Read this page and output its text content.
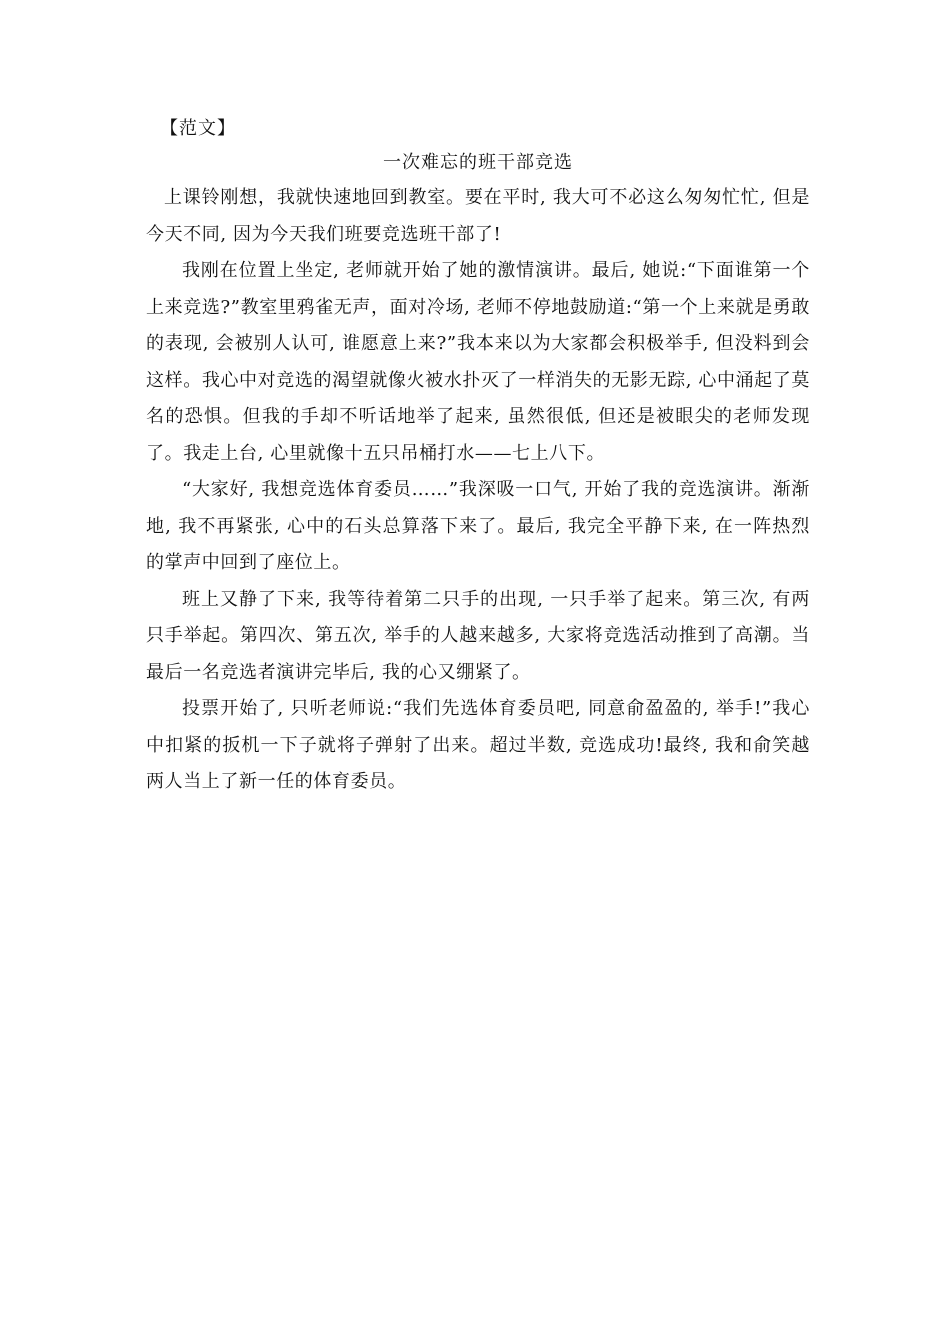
【范文】
一次难忘的班干部竞选

上课铃刚想，我就快速地回到教室。要在平时, 我大可不必这么匆匆忙忙, 但是今天不同, 因为今天我们班要竞选班干部了!

我刚在位置上坐定, 老师就开始了她的激情演讲。最后, 她说:“下面谁第一个上来竞选?”教室里鸦雀无声，面对冷场, 老师不停地鼓励道:“第一个上来就是勇敢的表现, 会被别人认可, 谁愿意上来?”我本来以为大家都会积极举手, 但没料到会这样。我心中对竞选的渴望就像火被水扑灭了一样消失的无影无踪, 心中涌起了莫名的恐惧。但我的手却不听话地举了起来, 虽然很低, 但还是被眼尖的老师发现了。我走上台, 心里就像十五只吊桶打水——七上八下。

“大家好, 我想竞选体育委员……”我深吸一口气, 开始了我的竞选演讲。渐渐地, 我不再紧张, 心中的石头总算落下来了。最后, 我完全平静下来, 在一阵热烈的掌声中回到了座位上。

班上又静了下来, 我等待着第二只手的出现, 一只手举了起来。第三次, 有两只手举起。第四次、第五次, 举手的人越来越多, 大家将竞选活动推到了高潮。当最后一名竞选者演讲完毕后, 我的心又绷紧了。

投票开始了, 只听老师说:“我们先选体育委员吧, 同意俞盈盈的, 举手!”我心中扣紧的扳机一下子就将子弹射了出来。超过半数, 竞选成功!最终, 我和俞笑越两人当上了新一任的体育委员。
